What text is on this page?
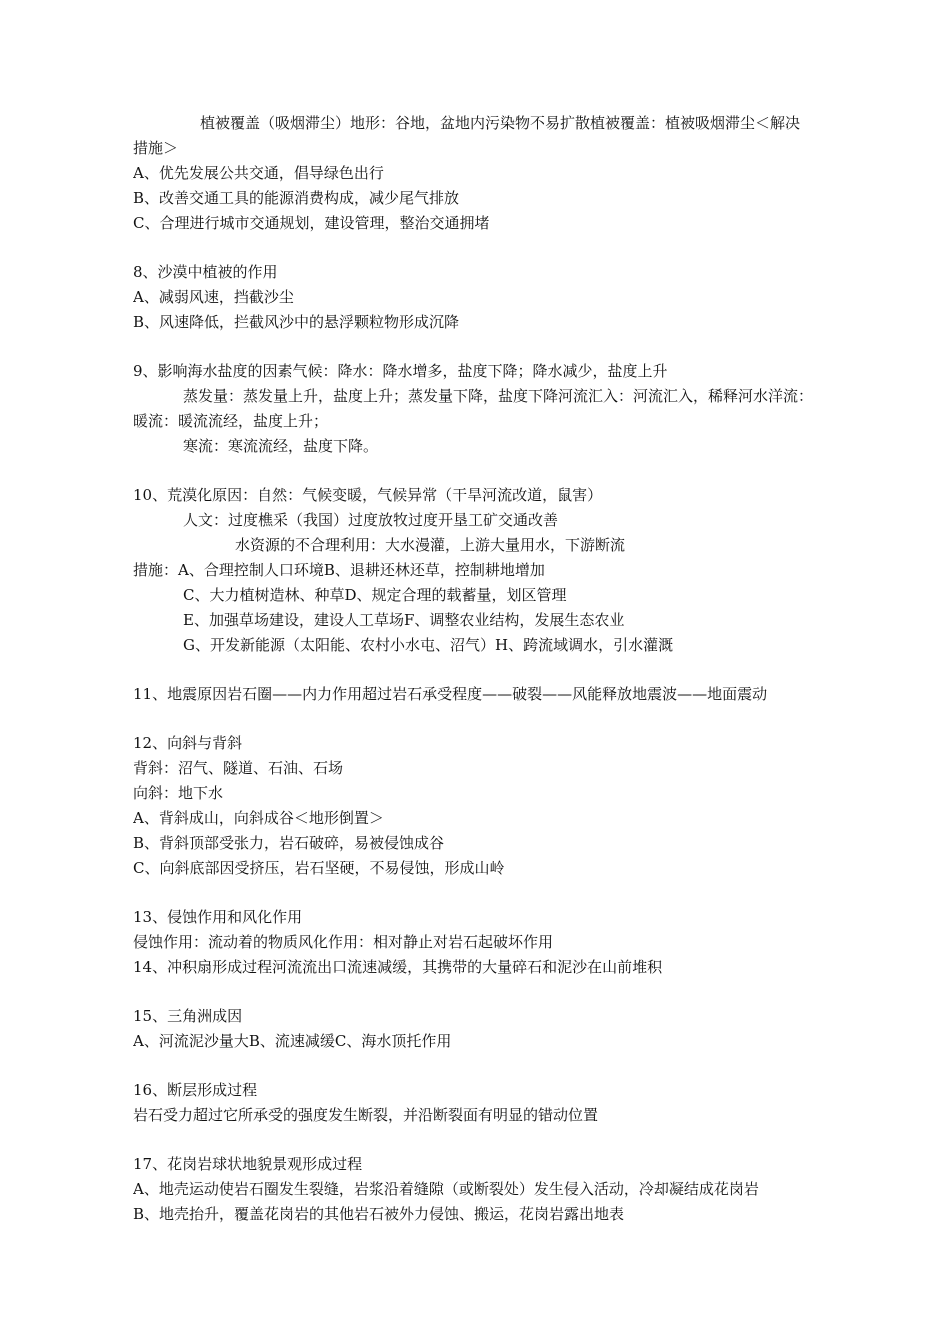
植被覆盖（吸烟滞尘）地形：谷地，盆地内污染物不易扩散植被覆盖：植被吸烟滞尘＜解决
措施＞
A、优先发展公共交通，倡导绿色出行
B、改善交通工具的能源消费构成，减少尾气排放
C、合理进行城市交通规划，建设管理，整治交通拥堵
8、沙漠中植被的作用
A、减弱风速，挡截沙尘
B、风速降低，拦截风沙中的悬浮颗粒物形成沉降
9、影响海水盐度的因素气候：降水：降水增多，盐度下降；降水减少，盐度上升
蒸发量：蒸发量上升，盐度上升；蒸发量下降，盐度下降河流汇入：河流汇入，稀释河水洋流：
暖流：暖流流经，盐度上升；
寒流：寒流流经，盐度下降。
10、荒漠化原因：自然：气候变暖，气候异常（干旱河流改道，鼠害）
人文：过度樵采（我国）过度放牧过度开垦工矿交通改善
水资源的不合理利用：大水漫灌，上游大量用水，下游断流
措施：A、合理控制人口环境B、退耕还林还草，控制耕地增加
C、大力植树造林、种草D、规定合理的载蓄量，划区管理
E、加强草场建设，建设人工草场F、调整农业结构，发展生态农业
G、开发新能源（太阳能、农村小水屯、沼气）H、跨流域调水，引水灌溉
11、地震原因岩石圈——内力作用超过岩石承受程度——破裂——风能释放地震波——地面震动
12、向斜与背斜
背斜：沼气、隧道、石油、石场
向斜：地下水
A、背斜成山，向斜成谷＜地形倒置＞
B、背斜顶部受张力，岩石破碎，易被侵蚀成谷
C、向斜底部因受挤压，岩石坚硬，不易侵蚀，形成山岭
13、侵蚀作用和风化作用
侵蚀作用：流动着的物质风化作用：相对静止对岩石起破坏作用
14、冲积扇形成过程河流流出口流速减缓，其携带的大量碎石和泥沙在山前堆积
15、三角洲成因
A、河流泥沙量大B、流速减缓C、海水顶托作用
16、断层形成过程
岩石受力超过它所承受的强度发生断裂，并沿断裂面有明显的错动位置
17、花岗岩球状地貌景观形成过程
A、地壳运动使岩石圈发生裂缝，岩浆沿着缝隙（或断裂处）发生侵入活动，冷却凝结成花岗岩
B、地壳抬升，覆盖花岗岩的其他岩石被外力侵蚀、搬运，花岗岩露出地表
